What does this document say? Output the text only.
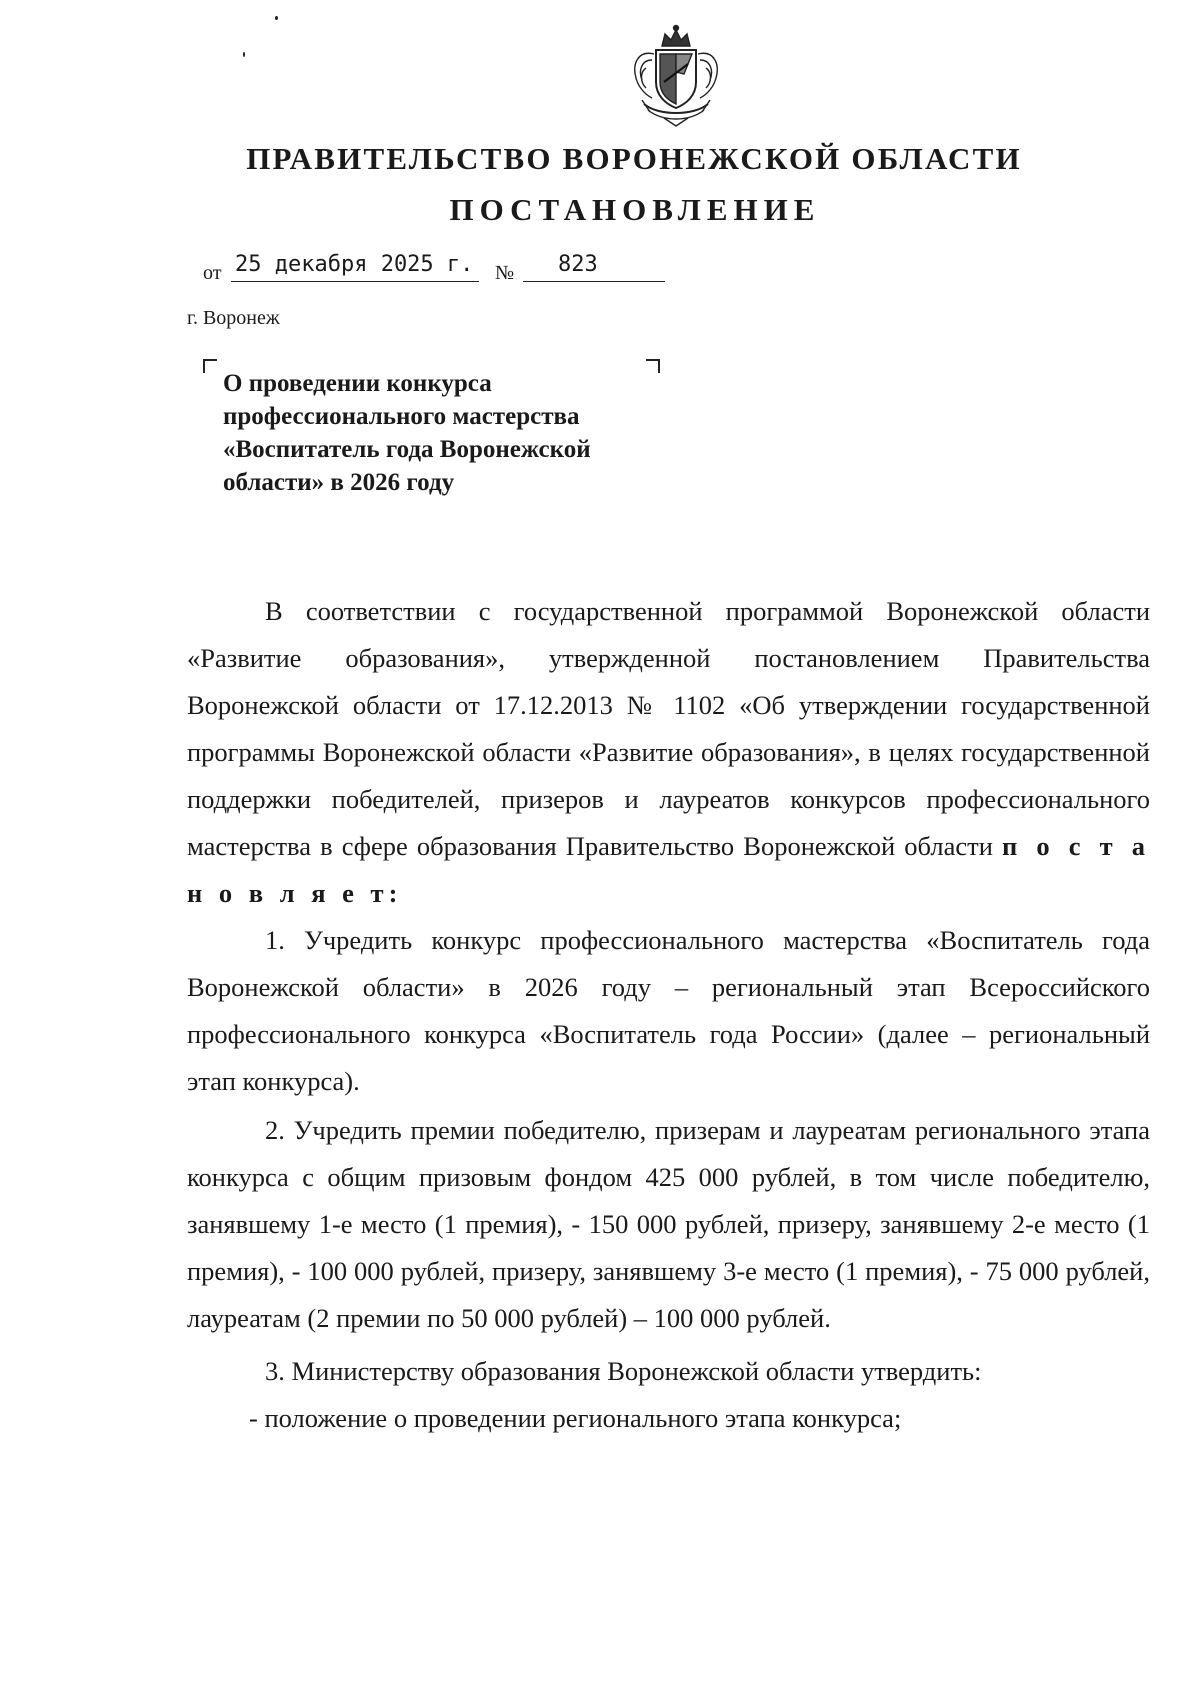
ПРАВИТЕЛЬСТВО ВОРОНЕЖСКОЙ ОБЛАСТИ
ПОСТАНОВЛЕНИЕ
от 25 декабря 2025 г. № 823
г. Воронеж
О проведении конкурса
профессионального мастерства
«Воспитатель года Воронежской
области» в 2026 году

В соответствии с государственной программой Воронежской области «Развитие образования», утвержденной постановлением Правительства Воронежской области от 17.12.2013 № 1102 «Об утверждении государственной программы Воронежской области «Развитие образования», в целях государственной поддержки победителей, призеров и лауреатов конкурсов профессионального мастерства в сфере образования Правительство Воронежской области п о с т а н о в л я е т:

1. Учредить конкурс профессионального мастерства «Воспитатель года Воронежской области» в 2026 году – региональный этап Всероссийского профессионального конкурса «Воспитатель года России» (далее – региональный этап конкурса).

2. Учредить премии победителю, призерам и лауреатам регионального этапа конкурса с общим призовым фондом 425 000 рублей, в том числе победителю, занявшему 1-е место (1 премия), - 150 000 рублей, призеру, занявшему 2-е место (1 премия), - 100 000 рублей, призеру, занявшему 3-е место (1 премия), - 75 000 рублей, лауреатам (2 премии по 50 000 рублей) – 100 000 рублей.

3. Министерству образования Воронежской области утвердить:

- положение о проведении регионального этапа конкурса;
